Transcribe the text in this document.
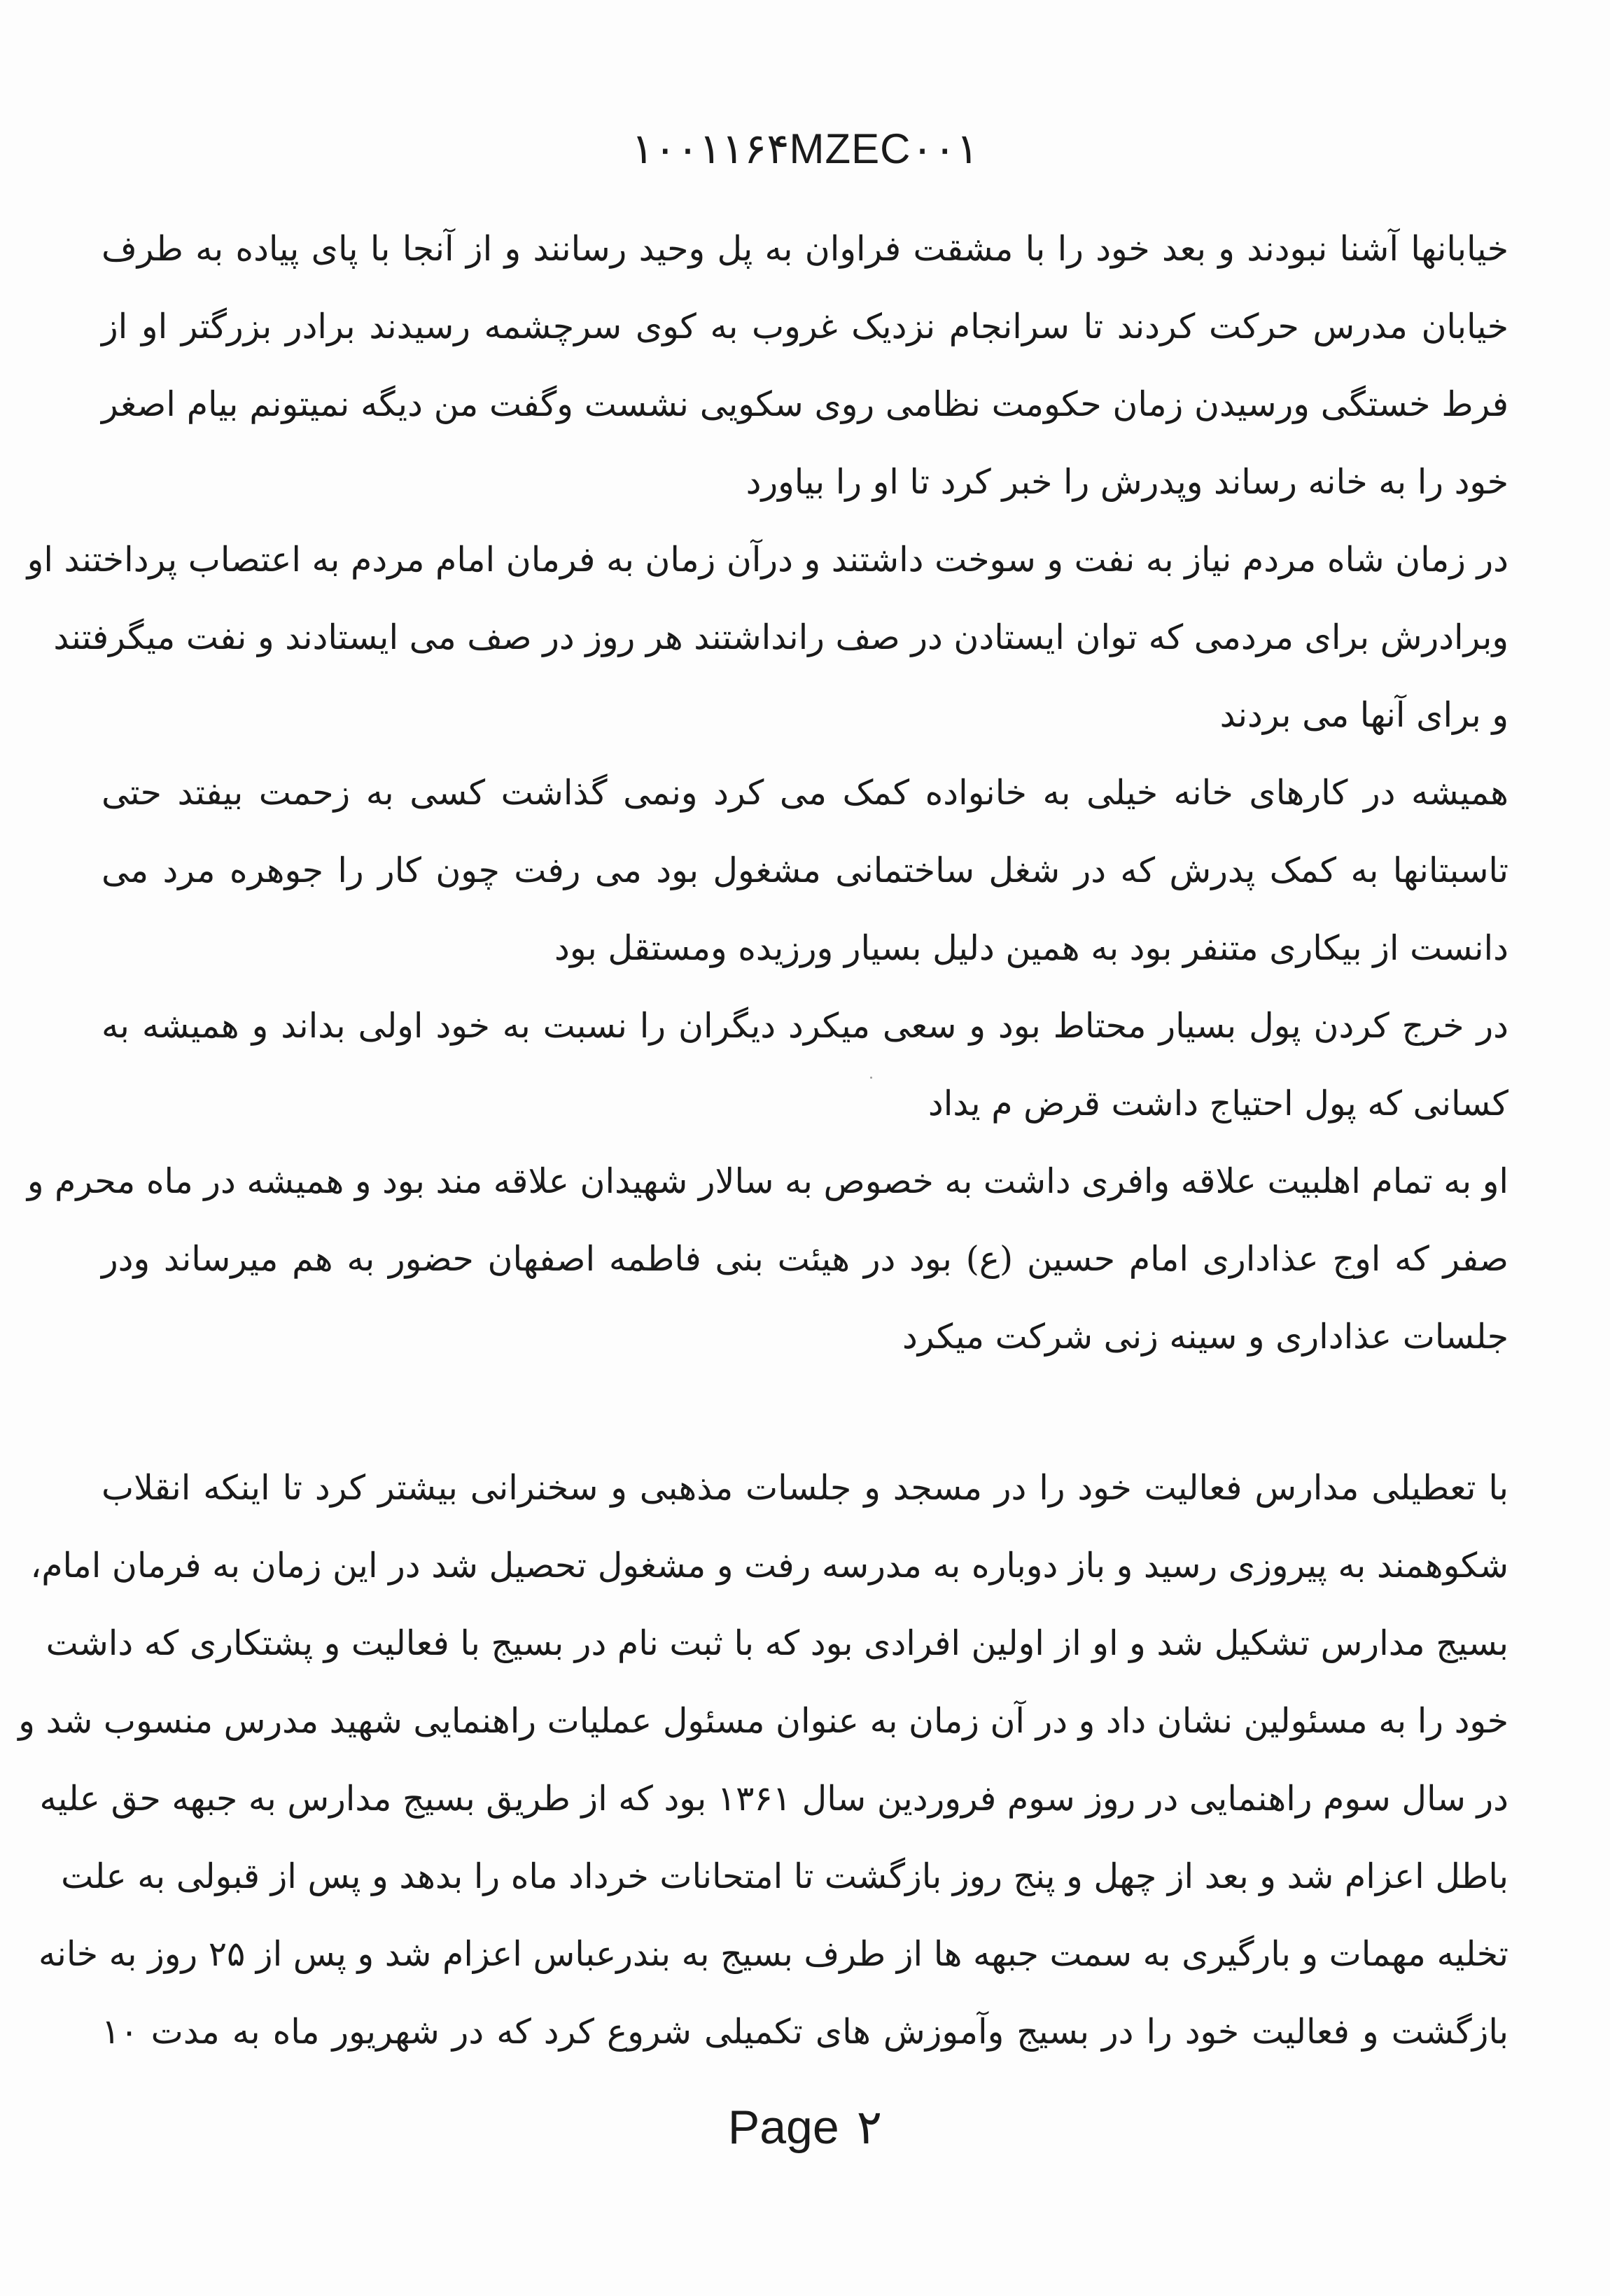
۱۰۰۱۱۶۴MZEC۰۰۱
خیابانها آشنا نبودند و بعد خود را با مشقت فراوان به پل وحید رسانند و از آنجا با پای پیاده به طرف
خیابان مدرس حرکت کردند تا سرانجام نزدیک غروب به کوی سرچشمه رسیدند برادر بزرگتر او از
فرط خستگی ورسیدن زمان حکومت نظامی روی سکویی نشست وگفت من دیگه نمیتونم بیام اصغر
خود را به خانه رساند وپدرش را خبر کرد تا او را بیاورد
در زمان شاه مردم نیاز به نفت و سوخت داشتند و درآن زمان به فرمان امام مردم به اعتصاب پرداختند او
وبرادرش برای مردمی که توان ایستادن در صف رانداشتند هر روز در صف می ایستادند و نفت میگرفتند
و برای آنها می بردند
همیشه در کارهای خانه خیلی به خانواده کمک می کرد ونمی گذاشت کسی به زحمت بیفتد حتی
تاسبتانها به کمک پدرش که در شغل ساختمانی مشغول بود می رفت چون کار را جوهره مرد می
دانست از بیکاری متنفر بود به همین دلیل بسیار ورزیده ومستقل بود
در خرج کردن پول بسیار محتاط بود و سعی میکرد دیگران را نسبت به خود اولی بداند و همیشه به
کسانی که پول احتیاج داشت قرض م یداد
او به تمام اهلبیت علاقه وافری داشت به خصوص به سالار شهیدان علاقه مند بود و همیشه در ماه محرم و
صفر که اوج عذاداری امام حسین (ع) بود در هیئت بنی فاطمه اصفهان حضور به هم میرساند ودر
جلسات عذاداری و سینه زنی شرکت میکرد
با تعطیلی مدارس فعالیت خود را در مسجد و جلسات مذهبی و سخنرانی بیشتر کرد تا اینکه انقلاب
شکوهمند به پیروزی رسید و باز دوباره به مدرسه رفت و مشغول تحصیل شد در این زمان به فرمان امام،
بسیج مدارس تشکیل شد و او از اولین افرادی بود که با ثبت نام در بسیج با فعالیت و پشتکاری که داشت
خود را به مسئولین نشان داد و در آن زمان به عنوان مسئول عملیات راهنمایی شهید مدرس منسوب شد و
در سال سوم راهنمایی در روز سوم فروردین سال ۱۳۶۱ بود که از طریق بسیج مدارس به جبهه حق علیه
باطل اعزام شد و بعد از چهل و پنج روز بازگشت تا امتحانات خرداد ماه را بدهد و پس از قبولی به علت
تخلیه مهمات و بارگیری به سمت جبهه ها از طرف بسیج به بندرعباس اعزام شد و پس از ۲۵ روز به خانه
بازگشت و فعالیت خود را در بسیج وآموزش های تکمیلی شروع کرد که در شهریور ماه به مدت ۱۰
Page ۲
